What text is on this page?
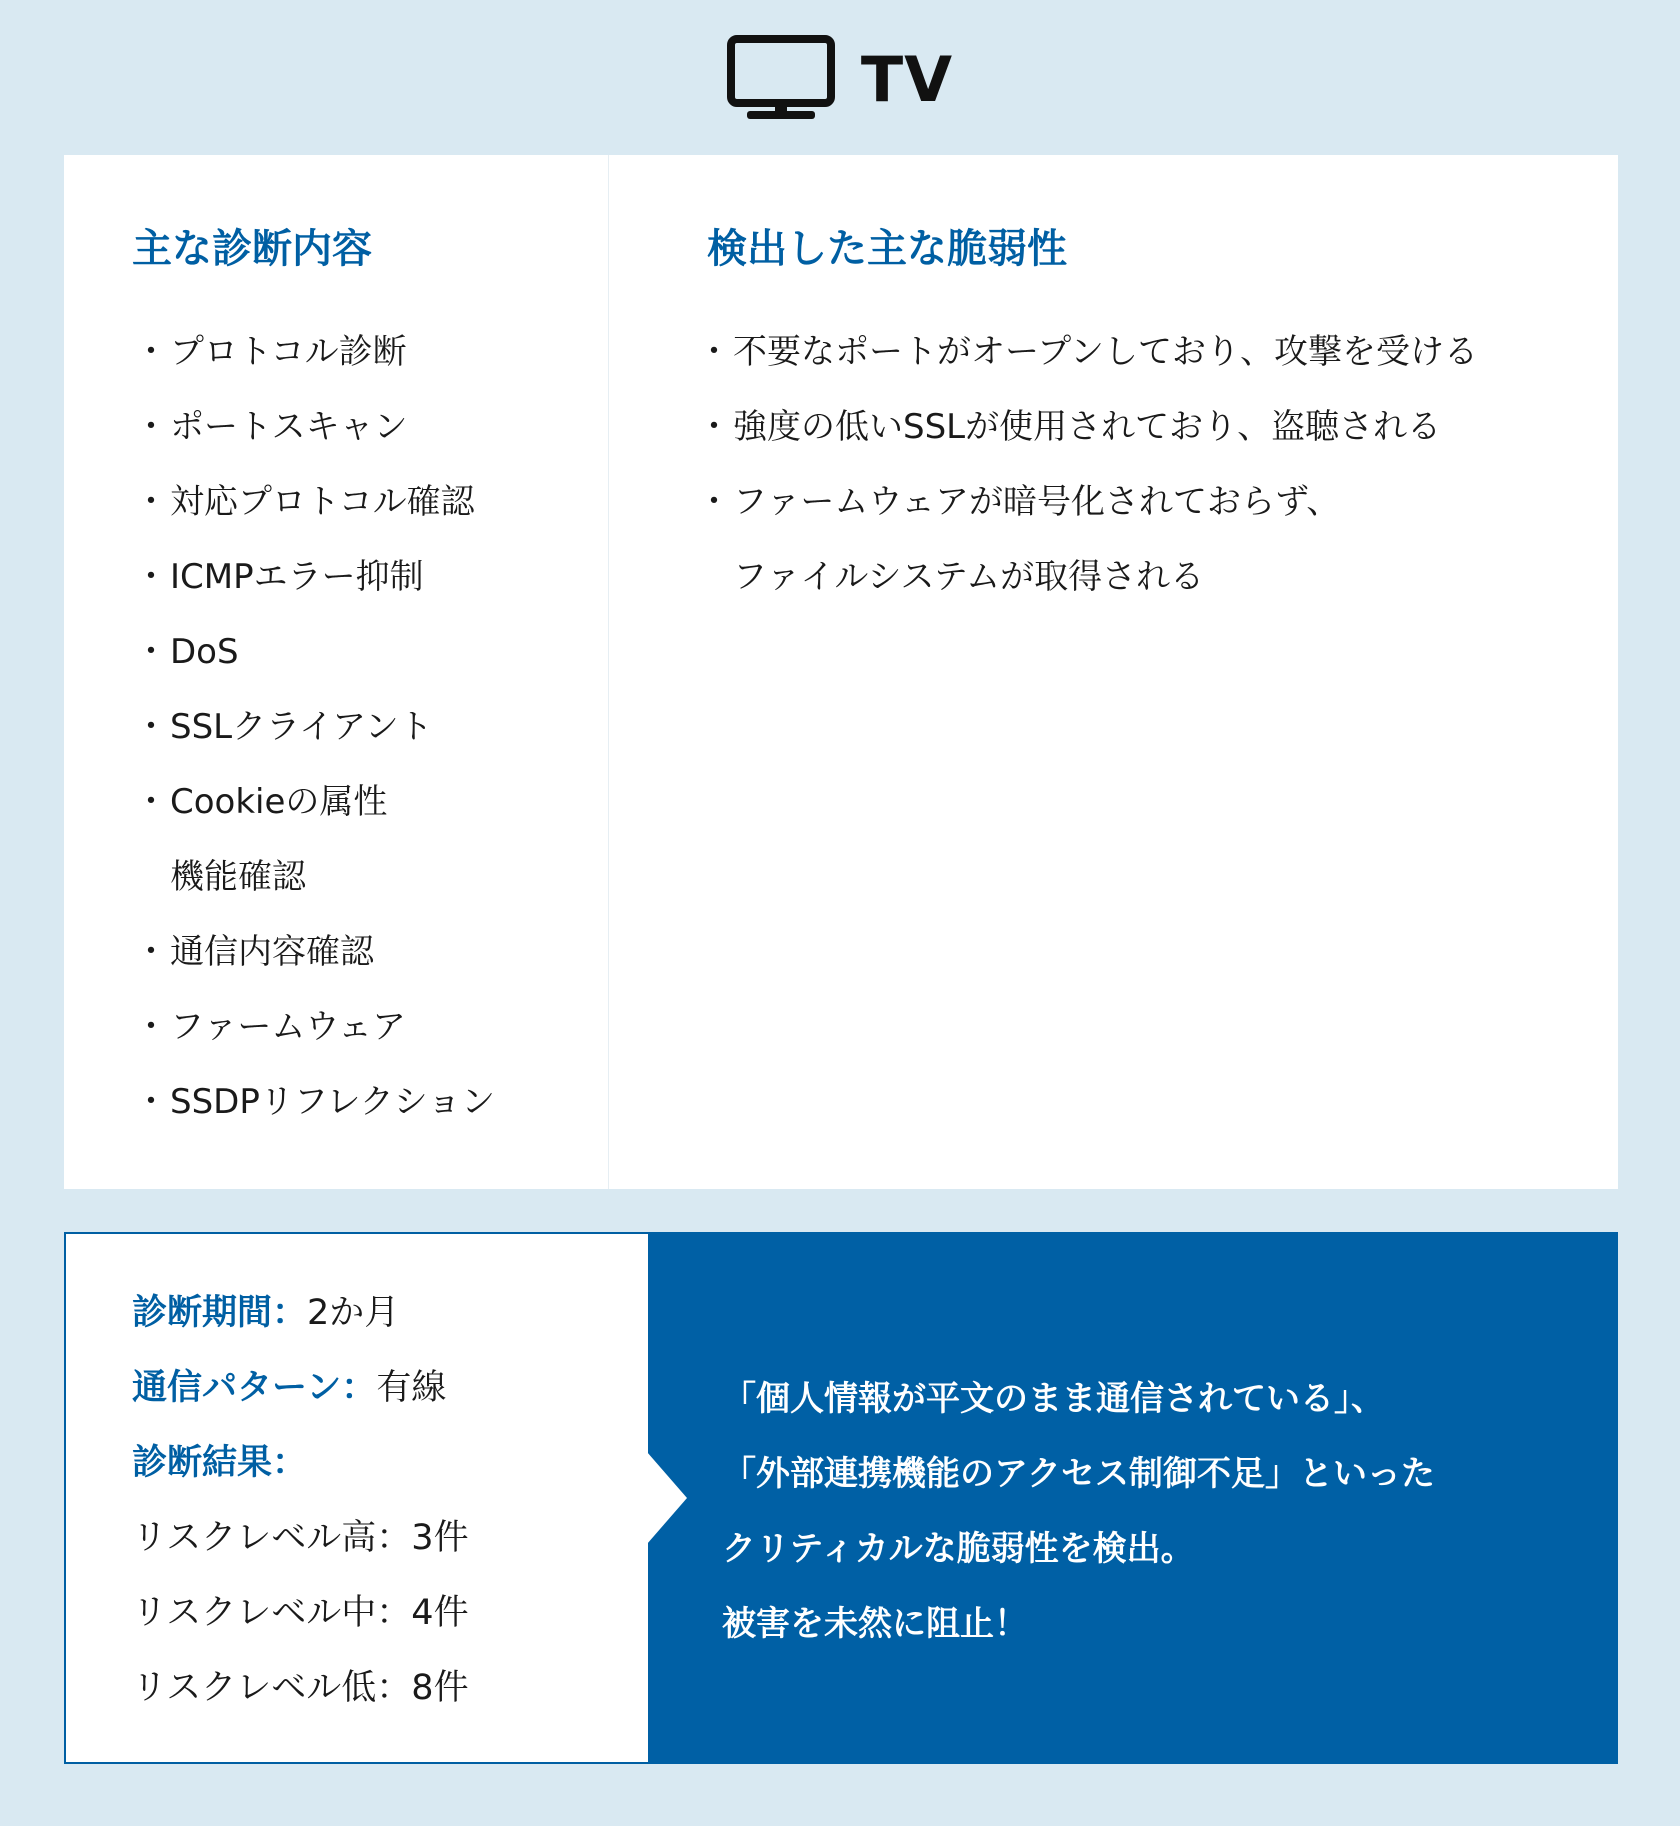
TV
主な診断内容
・プロトコル診断
・ポートスキャン
・対応プロトコル確認
・ICMPエラー抑制
・DoS
・SSLクライアント
・Cookieの属性
機能確認
・通信内容確認
・ファームウェア
・SSDPリフレクション
検出した主な脆弱性
・不要なポートがオープンしており、攻撃を受ける
・強度の低いSSLが使用されており、盗聴される
・ファームウェアが暗号化されておらず、
ファイルシステムが取得される
診断期間：2か月
通信パターン：有線
診断結果：
リスクレベル高：3件
リスクレベル中：4件
リスクレベル低：8件
「個人情報が平文のまま通信されている」、
「外部連携機能のアクセス制御不足」といった
クリティカルな脆弱性を検出。
被害を未然に阻止！
